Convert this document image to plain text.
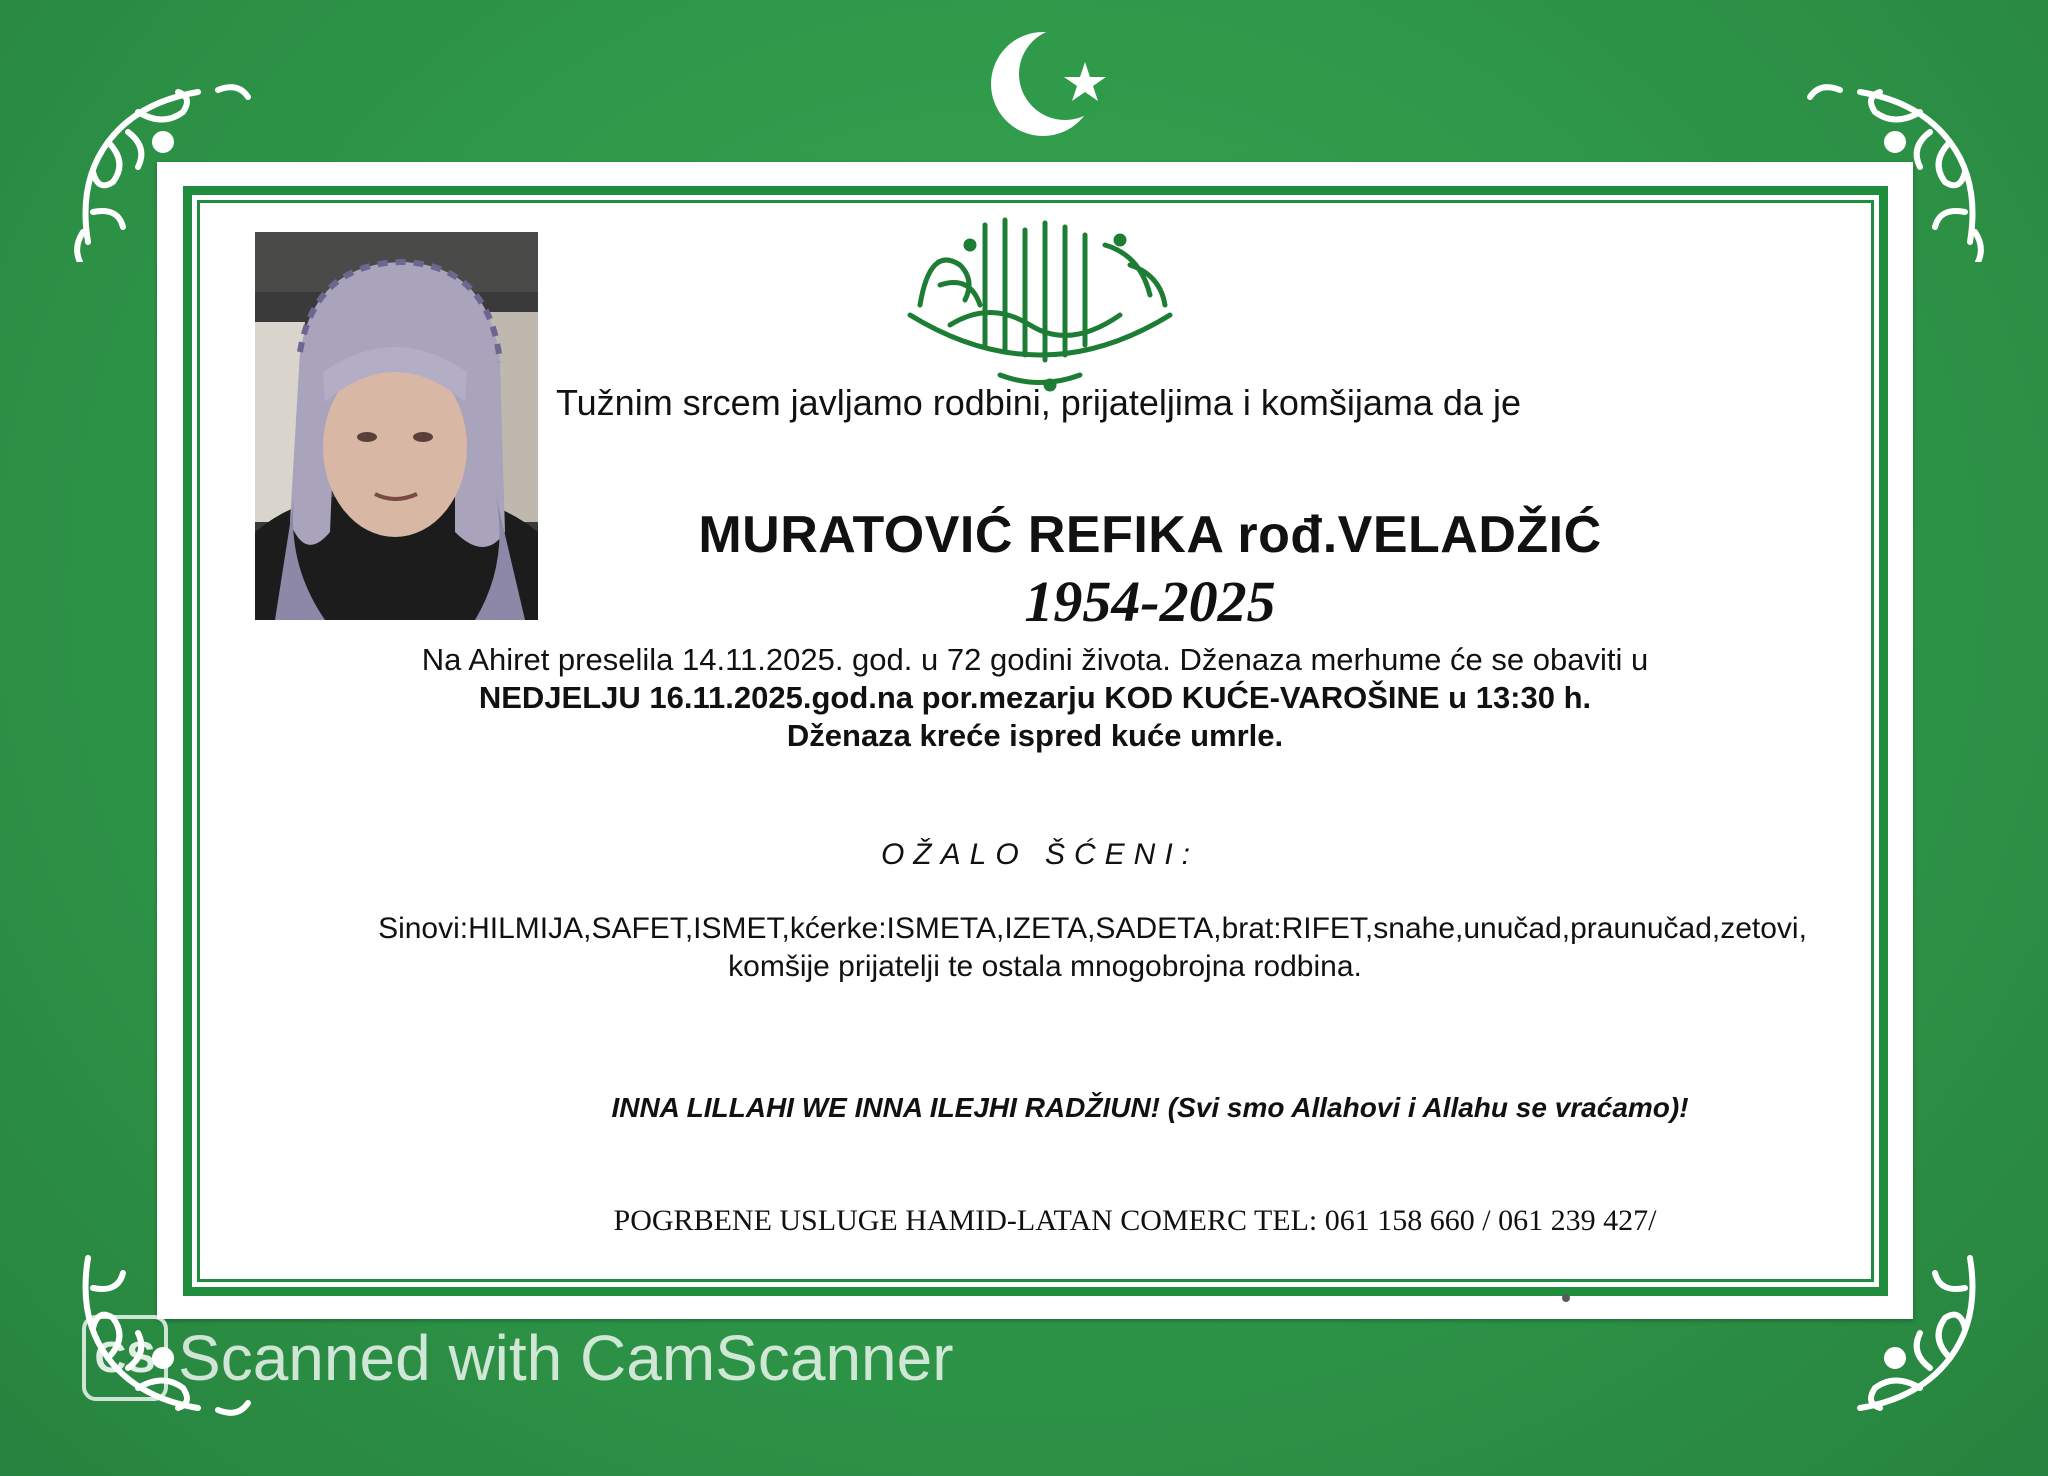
Tužnim srcem javljamo rodbini, prijateljima i komšijama da je
MURATOVIĆ REFIKA rođ.VELADŽIĆ
1954-2025
Na Ahiret preselila 14.11.2025. god. u 72 godini života. Dženaza merhume će se obaviti u
NEDJELJU 16.11.2025.god.na por.mezarju KOD KUĆE-VAROŠINE u 13:30 h.
Dženaza kreće ispred kuće umrle.
OŽALO ŠĆENI:
Sinovi:HILMIJA,SAFET,ISMET,kćerke:ISMETA,IZETA,SADETA,brat:RIFET,snahe,unučad,praunučad,zetovi,
komšije prijatelji te ostala mnogobrojna rodbina.
INNA LILLAHI WE INNA ILEJHI RADŽIUN! (Svi smo Allahovi i Allahu se vraćamo)!
POGRBENE USLUGE HAMID-LATAN COMERC TEL: 061 158 660 / 061 239 427/
CS Scanned with CamScanner
